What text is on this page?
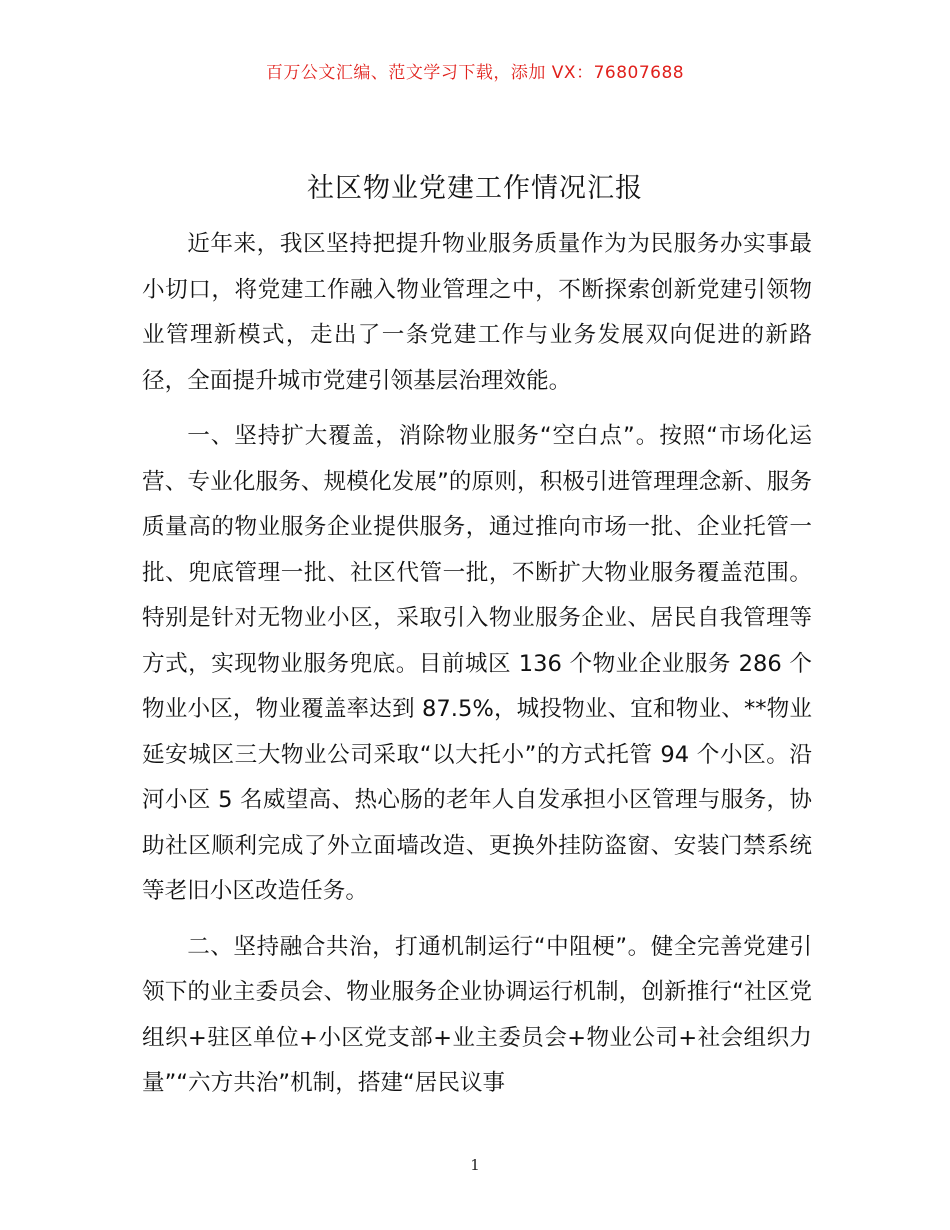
百万公文汇编、范文学习下载，添加 VX：76807688
社区物业党建工作情况汇报

近年来，我区坚持把提升物业服务质量作为为民服务办实事最小切口，将党建工作融入物业管理之中，不断探索创新党建引领物业管理新模式，走出了一条党建工作与业务发展双向促进的新路径，全面提升城市党建引领基层治理效能。

一、坚持扩大覆盖，消除物业服务“空白点”。按照“市场化运营、专业化服务、规模化发展”的原则，积极引进管理理念新、服务质量高的物业服务企业提供服务，通过推向市场一批、企业托管一批、兜底管理一批、社区代管一批，不断扩大物业服务覆盖范围。特别是针对无物业小区，采取引入物业服务企业、居民自我管理等方式，实现物业服务兜底。目前城区 136 个物业企业服务 286 个物业小区，物业覆盖率达到 87.5%，城投物业、宜和物业、**物业延安城区三大物业公司采取“以大托小”的方式托管 94 个小区。沿河小区 5 名威望高、热心肠的老年人自发承担小区管理与服务，协助社区顺利完成了外立面墙改造、更换外挂防盗窗、安装门禁系统等老旧小区改造任务。

二、坚持融合共治，打通机制运行“中阻梗”。健全完善党建引领下的业主委员会、物业服务企业协调运行机制，创新推行“社区党组织+驻区单位+小区党支部+业主委员会+物业公司+社会组织力量”“六方共治”机制，搭建“居民议事

1
